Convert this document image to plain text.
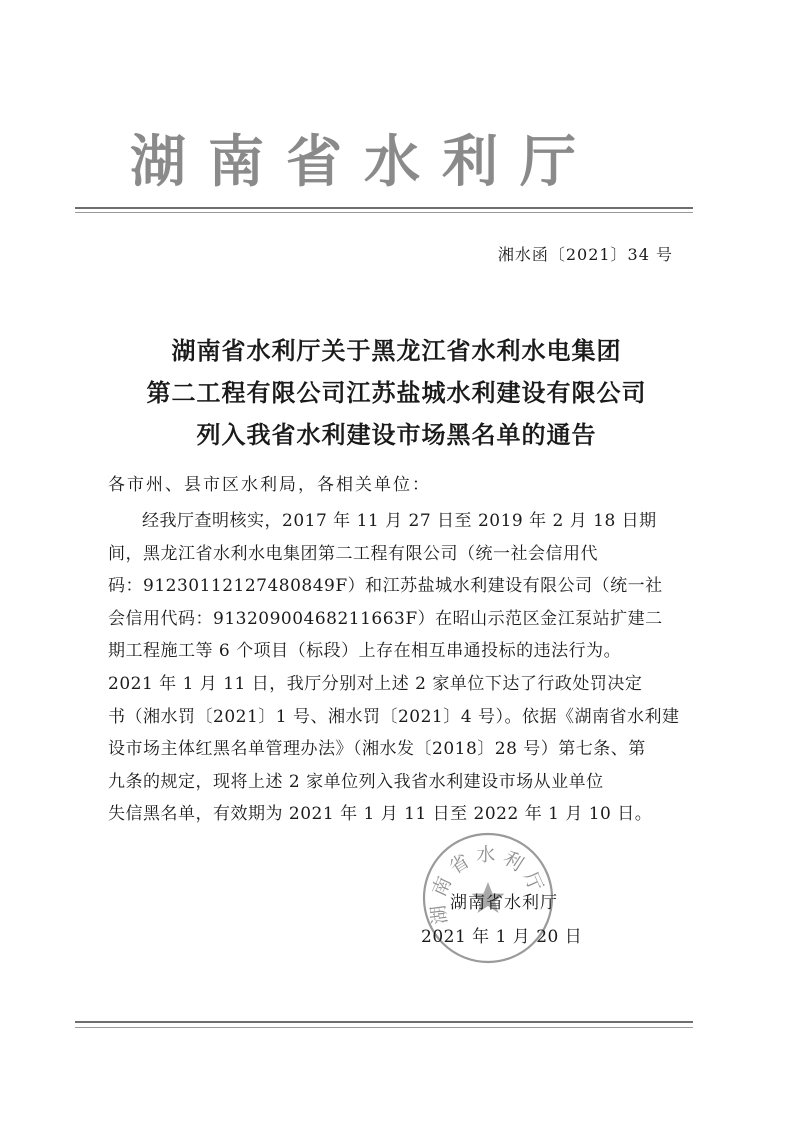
湖南省水利厅
湘水函〔2021〕34 号
湖南省水利厅关于黑龙江省水利水电集团
第二工程有限公司江苏盐城水利建设有限公司
列入我省水利建设市场黑名单的通告
各市州、县市区水利局，各相关单位：
经我厅查明核实，2017 年 11 月 27 日至 2019 年 2 月 18 日期
间，黑龙江省水利水电集团第二工程有限公司（统一社会信用代
码：91230112127480849F）和江苏盐城水利建设有限公司（统一社
会信用代码：91320900468211663F）在昭山示范区金江泵站扩建二
期工程施工等 6 个项目（标段）上存在相互串通投标的违法行为。
2021 年 1 月 11 日，我厅分别对上述 2 家单位下达了行政处罚决定
书（湘水罚〔2021〕1 号、湘水罚〔2021〕4 号）。依据《湖南省水利建
设市场主体红黑名单管理办法》（湘水发〔2018〕28 号）第七条、第
九条的规定，现将上述 2 家单位列入我省水利建设市场从业单位
失信黑名单，有效期为 2021 年 1 月 11 日至 2022 年 1 月 10 日。
湖南省水利厅
湖南省水利厅
2021 年 1 月 20 日
